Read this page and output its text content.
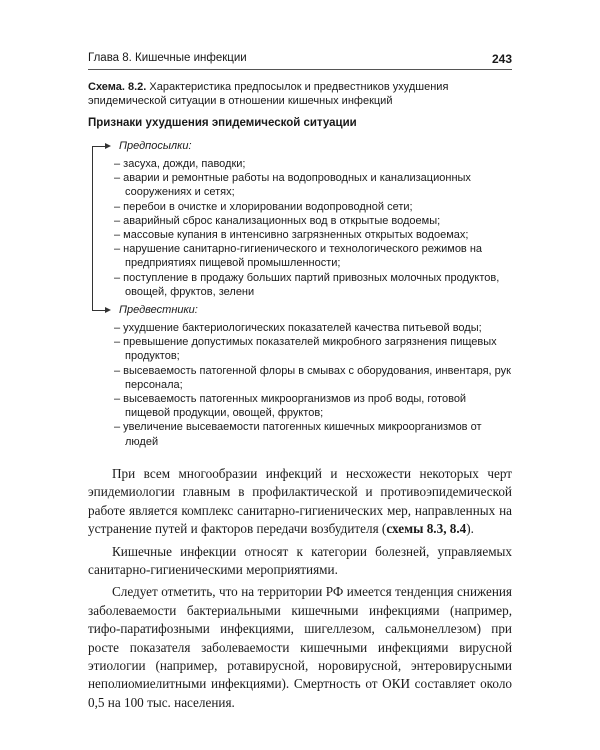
Глава 8. Кишечные инфекции	243
Схема. 8.2. Характеристика предпосылок и предвестников ухудшения эпидемической ситуации в отношении кишечных инфекций
Признаки ухудшения эпидемической ситуации
Предпосылки:
– засуха, дожди, паводки;
– аварии и ремонтные работы на водопроводных и канализационных сооружениях и сетях;
– перебои в очистке и хлорировании водопроводной сети;
– аварийный сброс канализационных вод в открытые водоемы;
– массовые купания в интенсивно загрязненных открытых водоемах;
– нарушение санитарно-гигиенического и технологического режимов на предприятиях пищевой промышленности;
– поступление в продажу больших партий привозных молочных продуктов, овощей, фруктов, зелени
Предвестники:
– ухудшение бактериологических показателей качества питьевой воды;
– превышение допустимых показателей микробного загрязнения пищевых продуктов;
– высеваемость патогенной флоры в смывах с оборудования, инвентаря, рук персонала;
– высеваемость патогенных микроорганизмов из проб воды, готовой пищевой продукции, овощей, фруктов;
– увеличение высеваемости патогенных кишечных микроорганизмов от людей

При всем многообразии инфекций и несхожести некоторых черт эпидемиологии главным в профилактической и противоэпидемической работе является комплекс санитарно-гигиенических мер, направленных на устранение путей и факторов передачи возбудителя (схемы 8.3, 8.4).

Кишечные инфекции относят к категории болезней, управляемых санитарно-гигиеническими мероприятиями.

Следует отметить, что на территории РФ имеется тенденция снижения заболеваемости бактериальными кишечными инфекциями (например, тифо-паратифозными инфекциями, шигеллезом, сальмонеллезом) при росте показателя заболеваемости кишечными инфекциями вирусной этиологии (например, ротавирусной, норовирусной, энтеровирусными неполиомиелитными инфекциями). Смертность от ОКИ составляет около 0,5 на 100 тыс. населения.
